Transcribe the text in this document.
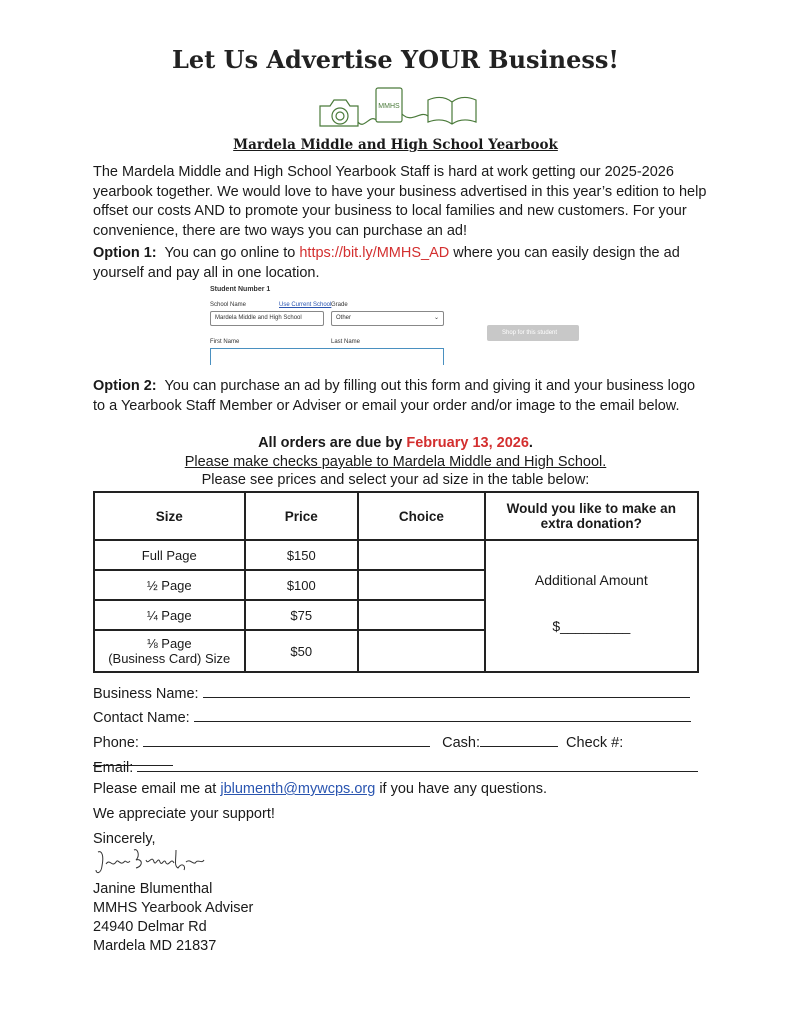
Let Us Advertise YOUR Business!
MMHS
Mardela Middle and High School Yearbook
The Mardela Middle and High School Yearbook Staff is hard at work getting our 2025-2026 yearbook together. We would love to have your business advertised in this year’s edition to help offset our costs AND to promote your business to local families and new customers. For your convenience, there are two ways you can purchase an ad!
Option 1: You can go online to https://bit.ly/MMHS_AD where you can easily design the ad yourself and pay all in one location.
Student Number 1
School Name	Use Current School
Mardela Middle and High School
Grade
Other	⌄
Shop for this student
First Name	Last Name
Option 2: You can purchase an ad by filling out this form and giving it and your business logo to a Yearbook Staff Member or Adviser or email your order and/or image to the email below.
All orders are due by February 13, 2026.
Please make checks payable to Mardela Middle and High School.
Please see prices and select your ad size in the table below:
Size	Price	Choice	Would you like to make an extra donation?
Full Page	$150		Additional Amount
$_________

½ Page	$100		
¼ Page	$75		
⅛ Page
(Business Card) Size	$50		
Business Name:
Contact Name:
Phone:	Cash:	Check #:
Email:
Please email me at jblumenth@mywcps.org if you have any questions.
We appreciate your support!
Sincerely,
Janine Blumenthal
MMHS Yearbook Adviser
24940 Delmar Rd
Mardela MD 21837
